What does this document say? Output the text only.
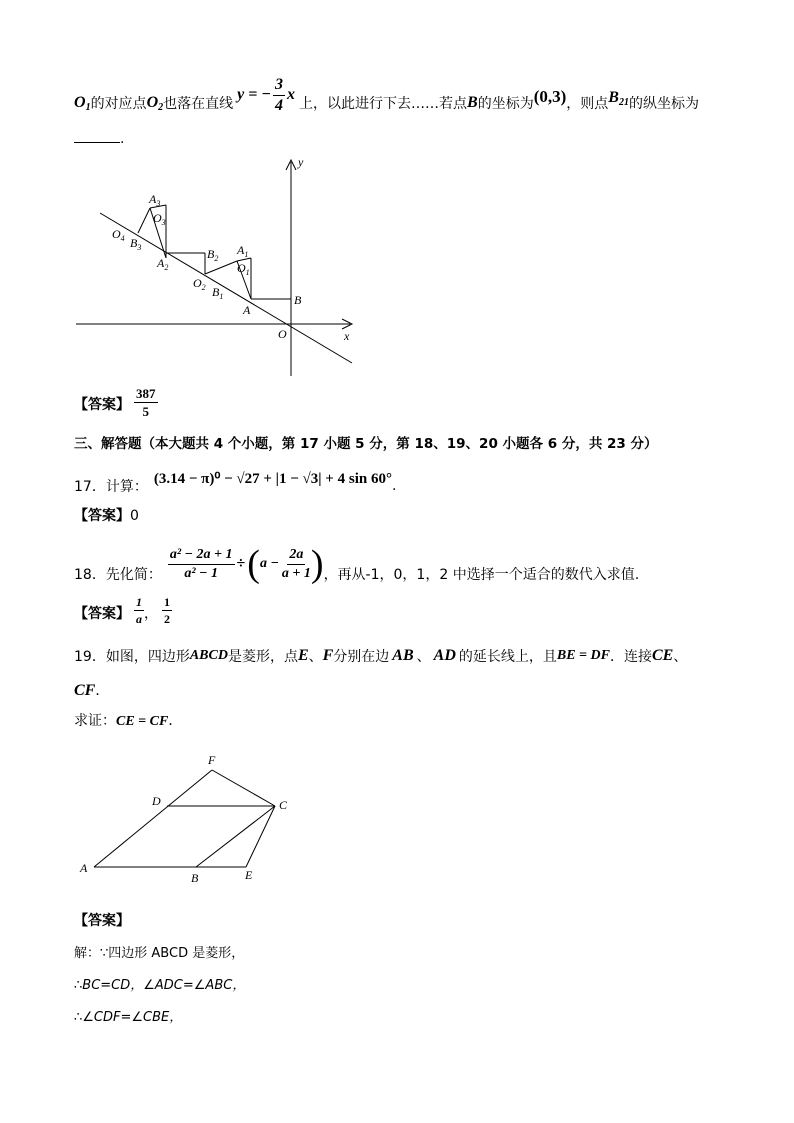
$O_1$ 的对应点 $O_2$ 也落在直线
y = − $\frac{3}{4}$ x
上，以此进行下去……若点 B 的坐标为 (0,3) ，则点 $B_{21}$ 的纵坐标为
.
y
x
O
B
A
$A_1$
$O_1$
$B_1$
$B_2$
$O_2$
$A_2$
$A_3$
$O_3$
$B_3$
$O_4$
【答案】 $\frac{387}{5}$
三、解答题（本大题共 4 个小题，第 17 小题 5 分，第 18、19、20 小题各 6 分，共 23 分）
17．计算：
(3.14 − π)⁰ − √27 + |1 − √3| + 4 sin 60° .
【答案】0
18．先化简： $\frac{\text{a² − 2a + 1}}{\text{a² − 1}}$ ÷ ( $a - \frac{2a}{a + 1}$ ) ，再从-1，0，1，2 中选择一个适合的数代入求值.
【答案】 $\frac{1}{a}$ ， $\frac{1}{2}$
19．如图，四边形 ABCD 是菱形，点 E 、 F 分别在边 AB 、 AD 的延长线上，且 BE = DF ．连接 CE 、
CF．
求证：CE = CF．
F
D	C
A
B	E
【答案】
解：∵四边形 ABCD 是菱形，
∴BC=CD，∠ADC=∠ABC，
∴∠CDF=∠CBE，
